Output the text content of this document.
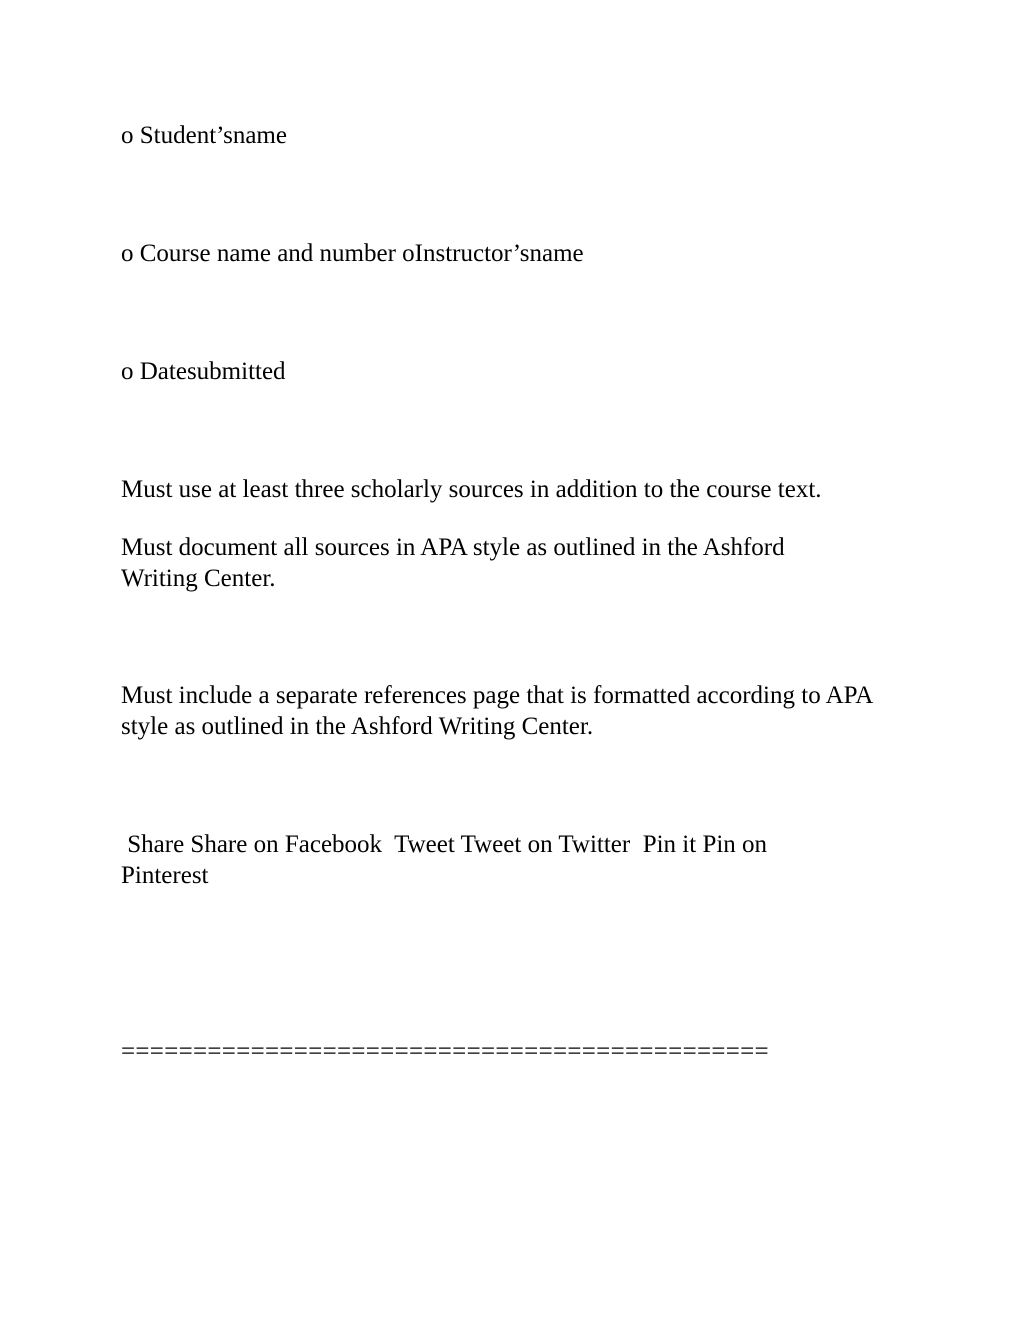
o Student’sname
o Course name and number oInstructor’sname
o Datesubmitted
Must use at least three scholarly sources in addition to the course text.
Must document all sources in APA style as outlined in the Ashford Writing Center.
Must include a separate references page that is formatted according to APA style as outlined in the Ashford Writing Center.
Share Share on Facebook  Tweet Tweet on Twitter  Pin it Pin on Pinterest
=============================================
